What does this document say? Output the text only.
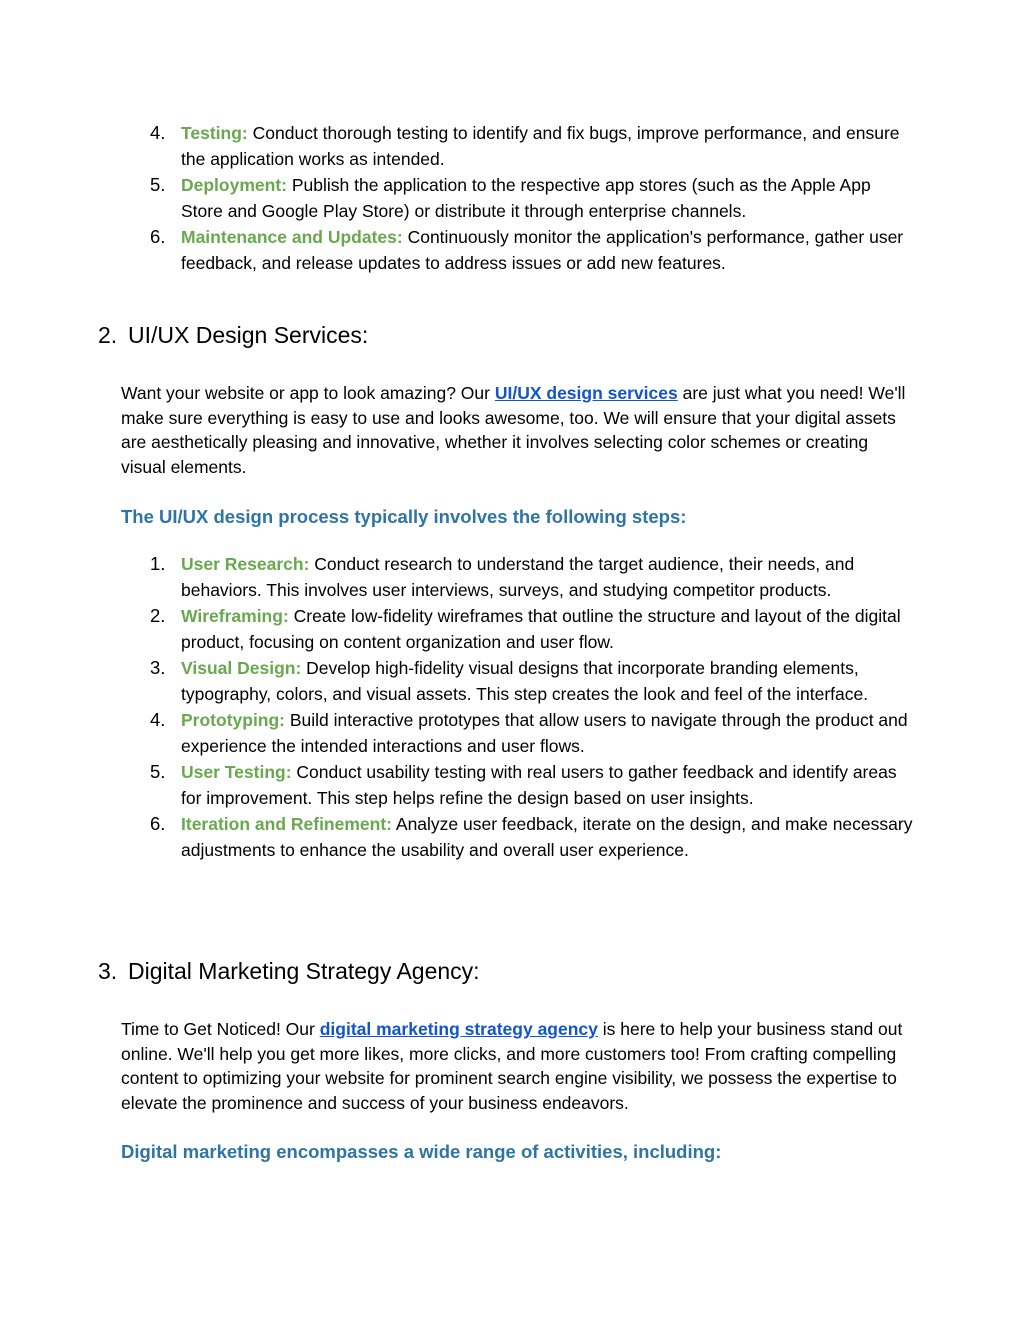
4. Testing: Conduct thorough testing to identify and fix bugs, improve performance, and ensure the application works as intended.
5. Deployment: Publish the application to the respective app stores (such as the Apple App Store and Google Play Store) or distribute it through enterprise channels.
6. Maintenance and Updates: Continuously monitor the application's performance, gather user feedback, and release updates to address issues or add new features.
2. UI/UX Design Services:

Want your website or app to look amazing? Our UI/UX design services are just what you need! We'll make sure everything is easy to use and looks awesome, too. We will ensure that your digital assets are aesthetically pleasing and innovative, whether it involves selecting color schemes or creating visual elements.

The UI/UX design process typically involves the following steps:
1. User Research: Conduct research to understand the target audience, their needs, and behaviors. This involves user interviews, surveys, and studying competitor products.
2. Wireframing: Create low-fidelity wireframes that outline the structure and layout of the digital product, focusing on content organization and user flow.
3. Visual Design: Develop high-fidelity visual designs that incorporate branding elements, typography, colors, and visual assets. This step creates the look and feel of the interface.
4. Prototyping: Build interactive prototypes that allow users to navigate through the product and experience the intended interactions and user flows.
5. User Testing: Conduct usability testing with real users to gather feedback and identify areas for improvement. This step helps refine the design based on user insights.
6. Iteration and Refinement: Analyze user feedback, iterate on the design, and make necessary adjustments to enhance the usability and overall user experience.
3. Digital Marketing Strategy Agency:

Time to Get Noticed! Our digital marketing strategy agency is here to help your business stand out online. We'll help you get more likes, more clicks, and more customers too! From crafting compelling content to optimizing your website for prominent search engine visibility, we possess the expertise to elevate the prominence and success of your business endeavors.

Digital marketing encompasses a wide range of activities, including:
